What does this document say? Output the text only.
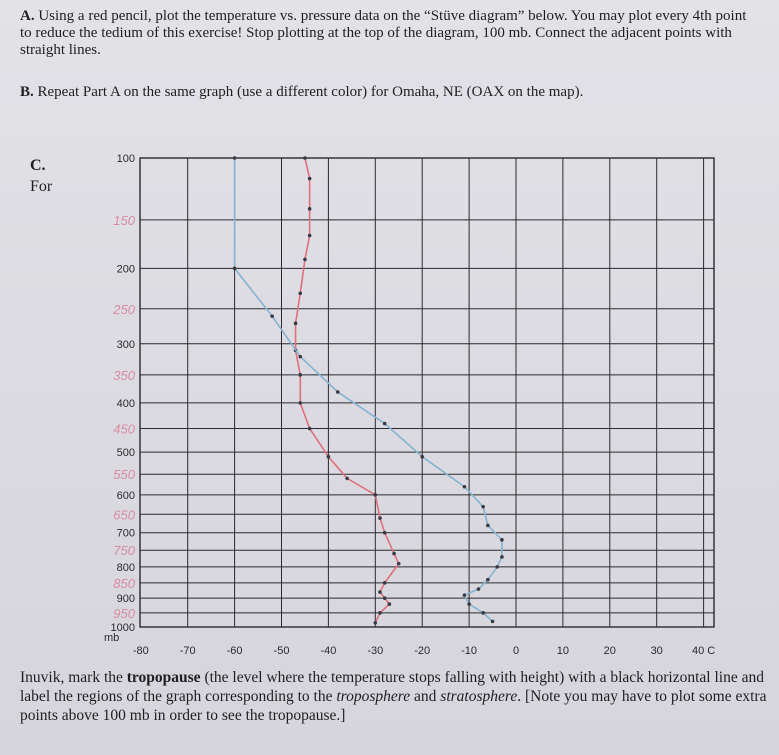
A. Using a red pencil, plot the temperature vs. pressure data on the “Stüve diagram” below. You may plot every 4th point to reduce the tedium of this exercise! Stop plotting at the top of the diagram, 100 mb. Connect the adjacent points with straight lines.
B. Repeat Part A on the same graph (use a different color) for Omaha, NE (OAX on the map).
C.
For
100
200
300
400
500
600
700
800
900
1000
mb
150
250
350
450
550
650
750
850
950
-80	-70	-60	-50	-40	-30	-20	-10	0	10	20	30	40 C
Inuvik, mark the tropopause (the level where the temperature stops falling with height) with a black horizontal line and label the regions of the graph corresponding to the troposphere and stratosphere. [Note you may have to plot some extra points above 100 mb in order to see the tropopause.]
